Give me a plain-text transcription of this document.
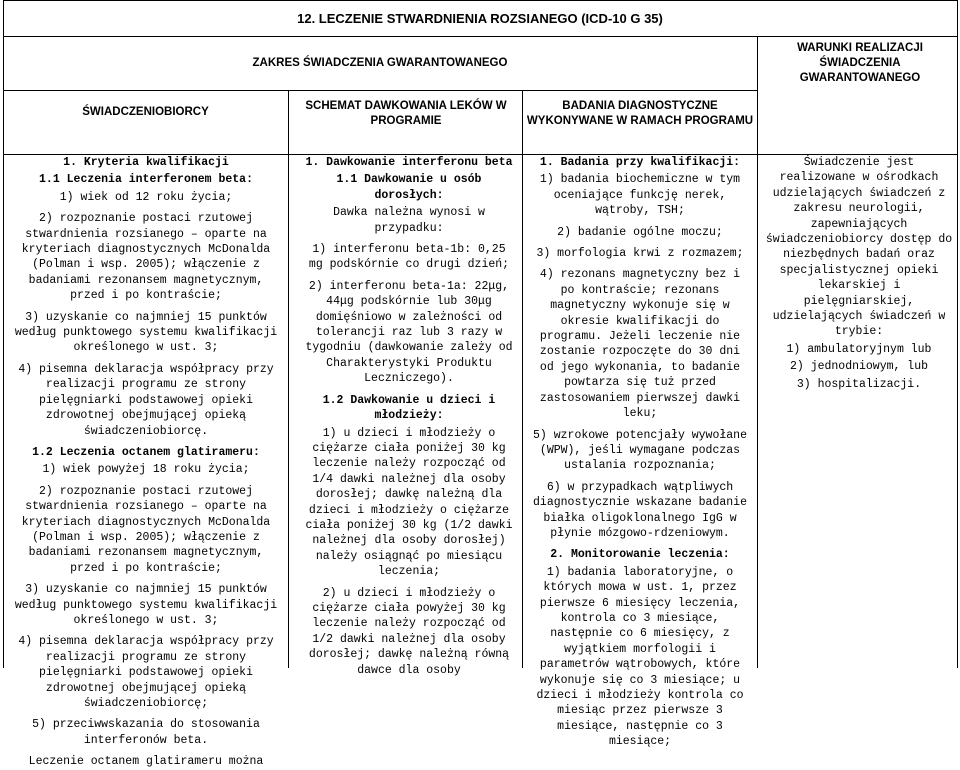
12. LECZENIE STWARDNIENIA ROZSIANEGO (ICD-10 G 35)
ZAKRES ŚWIADCZENIA GWARANTOWANEGO
WARUNKI REALIZACJI ŚWIADCZENIA GWARANTOWANEGO
ŚWIADCZENIOBIORCY	SCHEMAT DAWKOWANIA LEKÓW W PROGRAMIE
BADANIA DIAGNOSTYCZNE WYKONYWANE W RAMACH PROGRAMU

1. Kryteria kwalifikacji

1.1 Leczenia interferonem beta:

1) wiek od 12 roku życia;

2) rozpoznanie postaci rzutowej stwardnienia rozsianego – oparte na kryteriach diagnostycznych McDonalda (Polman i wsp. 2005); włączenie z badaniami rezonansem magnetycznym, przed i po kontraście;

3) uzyskanie co najmniej 15 punktów według punktowego systemu kwalifikacji określonego w ust. 3;

4) pisemna deklaracja współpracy przy realizacji programu ze strony pielęgniarki podstawowej opieki zdrowotnej obejmującej opieką świadczeniobiorcę.

1.2 Leczenia octanem glatirameru:

1) wiek powyżej 18 roku życia;

2) rozpoznanie postaci rzutowej stwardnienia rozsianego – oparte na kryteriach diagnostycznych McDonalda (Polman i wsp. 2005); włączenie z badaniami rezonansem magnetycznym, przed i po kontraście;

3) uzyskanie co najmniej 15 punktów według punktowego systemu kwalifikacji określonego w ust. 3;

4) pisemna deklaracja współpracy przy realizacji programu ze strony pielęgniarki podstawowej opieki zdrowotnej obejmującej opieką świadczeniobiorcę;

5) przeciwwskazania do stosowania interferonów beta.

Leczenie octanem glatirameru można

1. Dawkowanie interferonu beta

1.1 Dawkowanie u osób dorosłych:

Dawka należna wynosi w przypadku:

1) interferonu beta-1b: 0,25 mg podskórnie co drugi dzień;

2) interferonu beta-1a: 22μg, 44μg podskórnie lub 30μg domięśniowo w zależności od tolerancji raz lub 3 razy w tygodniu (dawkowanie zależy od Charakterystyki Produktu Leczniczego).

1.2 Dawkowanie u dzieci i młodzieży:

1) u dzieci i młodzieży o ciężarze ciała poniżej 30 kg leczenie należy rozpocząć od 1/4 dawki należnej dla osoby dorosłej; dawkę należną dla dzieci i młodzieży o ciężarze ciała poniżej 30 kg (1/2 dawki należnej dla osoby dorosłej) należy osiągnąć po miesiącu leczenia;

2) u dzieci i młodzieży o ciężarze ciała powyżej 30 kg leczenie należy rozpocząć od 1/2 dawki należnej dla osoby dorosłej; dawkę należną równą dawce dla osoby

1. Badania przy kwalifikacji:

1) badania biochemiczne w tym oceniające funkcję nerek, wątroby, TSH;

2) badanie ogólne moczu;

3) morfologia krwi z rozmazem;

4) rezonans magnetyczny bez i po kontraście; rezonans magnetyczny wykonuje się w okresie kwalifikacji do programu. Jeżeli leczenie nie zostanie rozpoczęte do 30 dni od jego wykonania, to badanie powtarza się tuż przed zastosowaniem pierwszej dawki leku;

5) wzrokowe potencjały wywołane (WPW), jeśli wymagane podczas ustalania rozpoznania;

6) w przypadkach wątpliwych diagnostycznie wskazane badanie białka oligoklonalnego IgG w płynie mózgowo-rdzeniowym.

2. Monitorowanie leczenia:

1) badania laboratoryjne, o których mowa w ust. 1, przez pierwsze 6 miesięcy leczenia, kontrola co 3 miesiące, następnie co 6 miesięcy, z wyjątkiem morfologii i parametrów wątrobowych, które wykonuje się co 3 miesiące; u dzieci i młodzieży kontrola co miesiąc przez pierwsze 3 miesiące, następnie co 3 miesiące;

Świadczenie jest realizowane w ośrodkach udzielających świadczeń z zakresu neurologii, zapewniających świadczeniobiorcy dostęp do niezbędnych badań oraz specjalistycznej opieki lekarskiej i pielęgniarskiej, udzielających świadczeń w trybie:

1) ambulatoryjnym lub

2) jednodniowym, lub

3) hospitalizacji.
